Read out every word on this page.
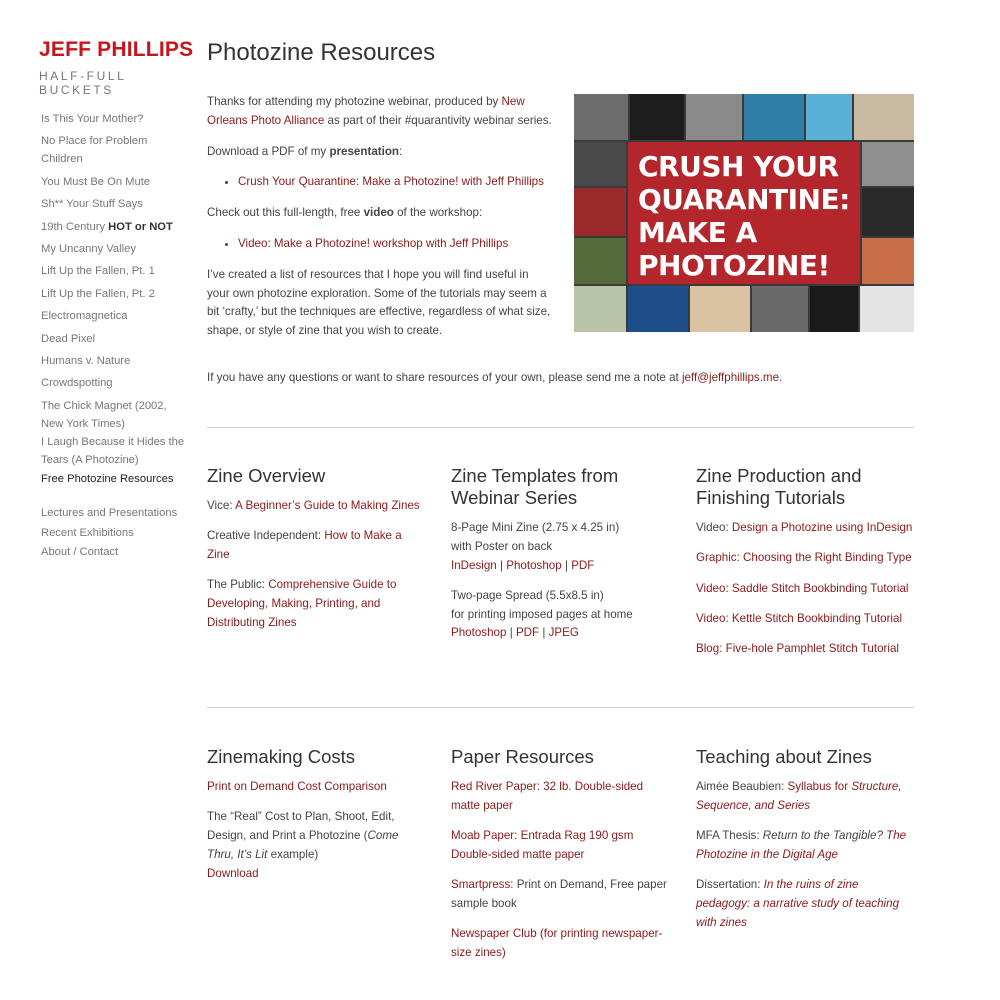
JEFF PHILLIPS
HALF-FULL BUCKETS
Is This Your Mother?
No Place for Problem Children
You Must Be On Mute
Sh** Your Stuff Says
19th Century HOT or NOT
My Uncanny Valley
Lift Up the Fallen, Pt. 1
Lift Up the Fallen, Pt. 2
Electromagnetica
Dead Pixel
Humans v. Nature
Crowdspotting
The Chick Magnet (2002, New York Times)
I Laugh Because it Hides the Tears (A Photozine)
Free Photozine Resources
Lectures and Presentations
Recent Exhibitions
About / Contact
Photozine Resources

Thanks for attending my photozine webinar, produced by New Orleans Photo Alliance as part of their #quarantivity webinar series.

Download a PDF of my presentation:

• Crush Your Quarantine: Make a Photozine! with Jeff Phillips

Check out this full-length, free video of the workshop:

• Video: Make a Photozine! workshop with Jeff Phillips

I’ve created a list of resources that I hope you will find useful in your own photozine exploration. Some of the tutorials may seem a bit ‘crafty,’ but the techniques are effective, regardless of what size, shape, or style of zine that you wish to create.

CRUSH YOUR
QUARANTINE:
MAKE A
PHOTOZINE!
If you have any questions or want to share resources of your own, please send me a note at jeff@jeffphillips.me.
Zine Overview

Vice: A Beginner’s Guide to Making Zines

Creative Independent: How to Make a Zine

The Public: Comprehensive Guide to Developing, Making, Printing, and Distributing Zines

Zine Templates from Webinar Series

8-Page Mini Zine (2.75 x 4.25 in)
with Poster on back
InDesign | Photoshop | PDF

Two-page Spread (5.5x8.5 in)
for printing imposed pages at home
Photoshop | PDF | JPEG

Zine Production and Finishing Tutorials

Video: Design a Photozine using InDesign

Graphic: Choosing the Right Binding Type

Video: Saddle Stitch Bookbinding Tutorial

Video: Kettle Stitch Bookbinding Tutorial

Blog: Five-hole Pamphlet Stitch Tutorial

Zinemaking Costs

Print on Demand Cost Comparison

The “Real” Cost to Plan, Shoot, Edit, Design, and Print a Photozine (Come Thru, It’s Lit example)
Download

Paper Resources

Red River Paper: 32 lb. Double-sided matte paper

Moab Paper: Entrada Rag 190 gsm Double-sided matte paper

Smartpress: Print on Demand, Free paper sample book

Newspaper Club (for printing newspaper-size zines)

Teaching about Zines

Aimée Beaubien: Syllabus for Structure, Sequence, and Series

MFA Thesis: Return to the Tangible? The Photozine in the Digital Age

Dissertation: In the ruins of zine pedagogy: a narrative study of teaching with zines
